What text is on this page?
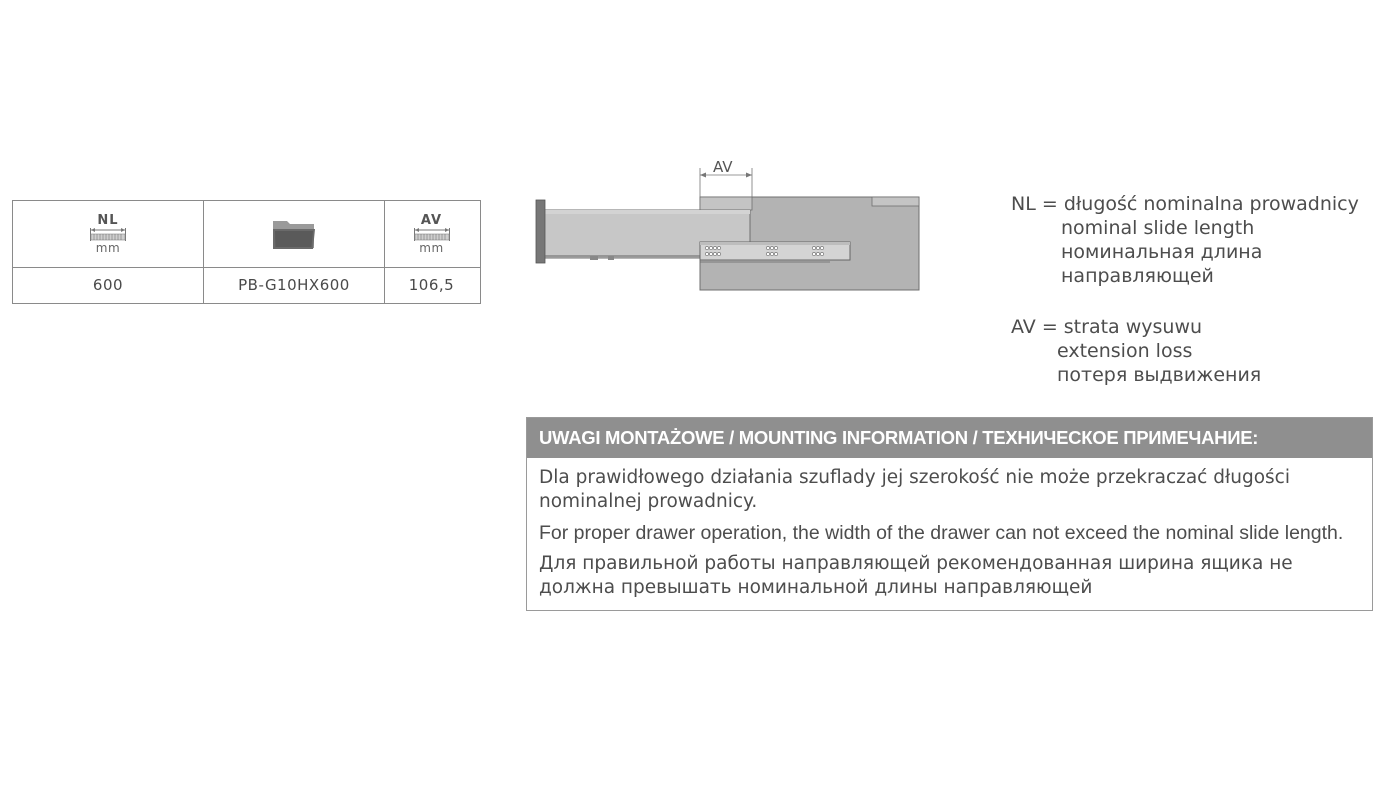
NL
mm
AV
mm
600	PB-G10HX600	106,5
AV
NL = długość nominalna prowadnicy
nominal slide length
номинальная длина
направляющей
AV = strata wysuwu
extension loss
потеря выдвижения
UWAGI MONTAŻOWE / MOUNTING INFORMATION / ТЕХНИЧЕСКОЕ ПРИМЕЧАНИЕ:

Dla prawidłowego działania szuflady jej szerokość nie może przekraczać długości nominalnej prowadnicy.

For proper drawer operation, the width of the drawer can not exceed the nominal slide length.

Для правильной работы направляющей рекомендованная ширина ящика не должна превышать номинальной длины направляющей
